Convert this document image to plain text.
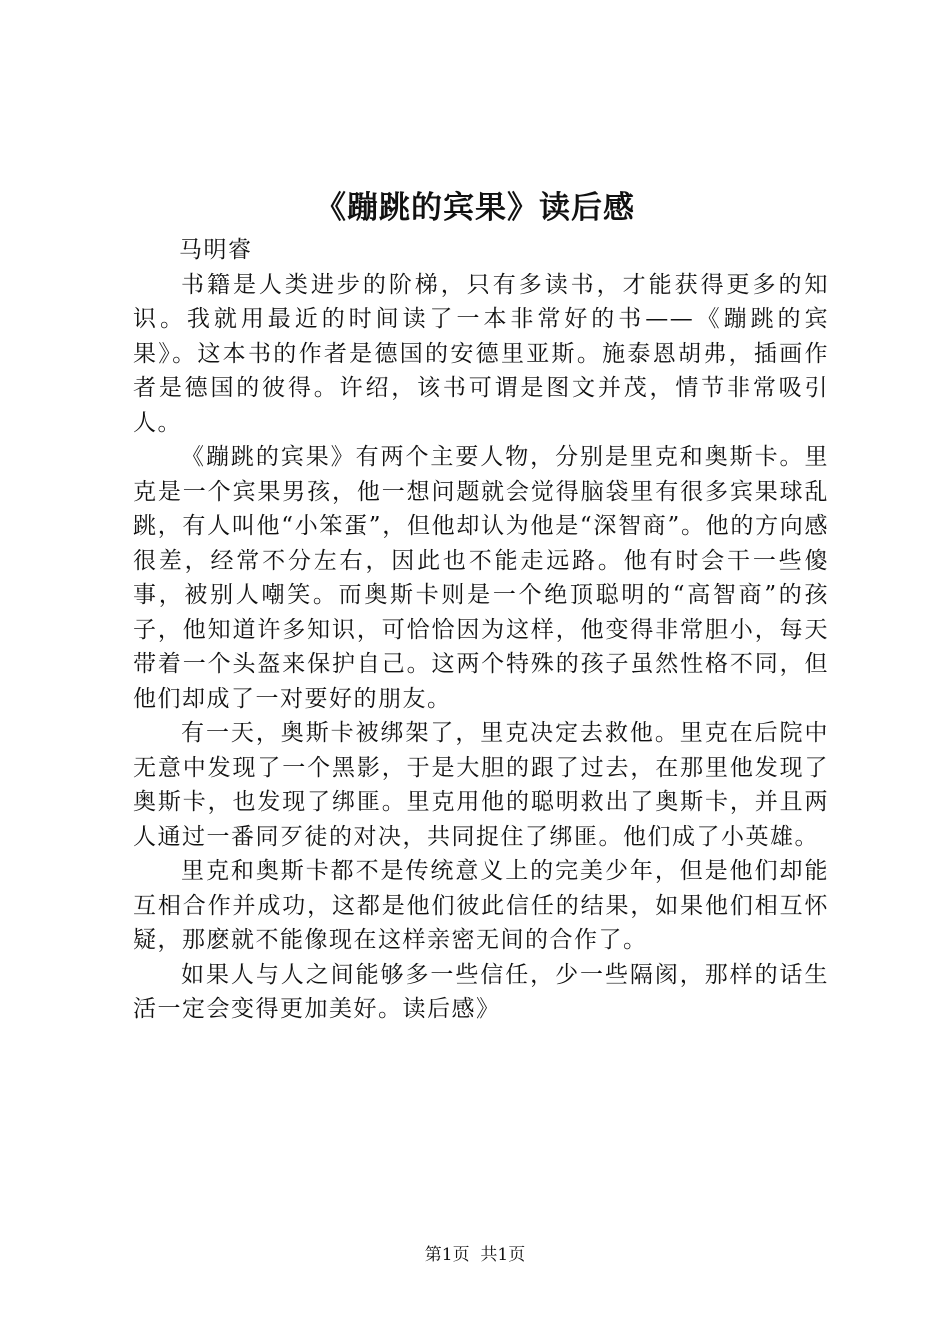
《蹦跳的宾果》读后感

马明睿

书籍是人类进步的阶梯，只有多读书，才能获得更多的知识。我就用最近的时间读了一本非常好的书——《蹦跳的宾果》。这本书的作者是德国的安德里亚斯。施泰恩胡弗，插画作者是德国的彼得。许绍，该书可谓是图文并茂，情节非常吸引人。

《蹦跳的宾果》有两个主要人物，分别是里克和奥斯卡。里克是一个宾果男孩，他一想问题就会觉得脑袋里有很多宾果球乱跳，有人叫他“小笨蛋”，但他却认为他是“深智商”。他的方向感很差，经常不分左右，因此也不能走远路。他有时会干一些傻事，被别人嘲笑。而奥斯卡则是一个绝顶聪明的“高智商”的孩子，他知道许多知识，可恰恰因为这样，他变得非常胆小，每天带着一个头盔来保护自己。这两个特殊的孩子虽然性格不同，但他们却成了一对要好的朋友。

有一天，奥斯卡被绑架了，里克决定去救他。里克在后院中无意中发现了一个黑影，于是大胆的跟了过去，在那里他发现了奥斯卡，也发现了绑匪。里克用他的聪明救出了奥斯卡，并且两人通过一番同歹徒的对决，共同捉住了绑匪。他们成了小英雄。

里克和奥斯卡都不是传统意义上的完美少年，但是他们却能互相合作并成功，这都是他们彼此信任的结果，如果他们相互怀疑，那麽就不能像现在这样亲密无间的合作了。

如果人与人之间能够多一些信任，少一些隔阂，那样的话生活一定会变得更加美好。读后感》

第1页  共1页
